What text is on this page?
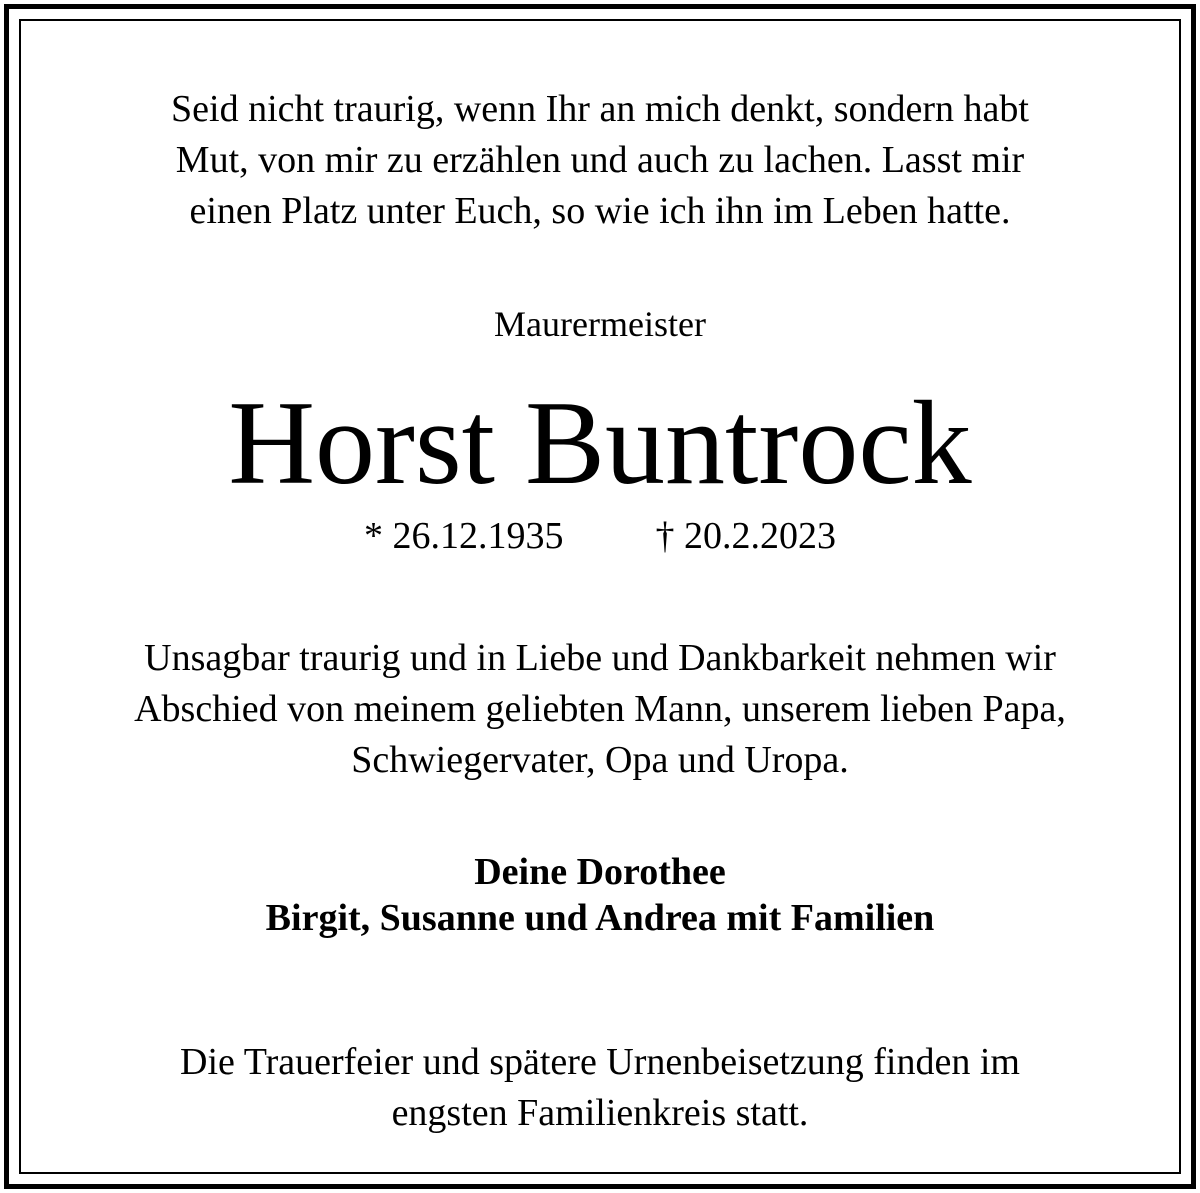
Seid nicht traurig, wenn Ihr an mich denkt, sondern habt
Mut, von mir zu erzählen und auch zu lachen. Lasst mir
einen Platz unter Euch, so wie ich ihn im Leben hatte.
Maurermeister
Horst Buntrock
* 26.12.1935 † 20.2.2023
Unsagbar traurig und in Liebe und Dankbarkeit nehmen wir
Abschied von meinem geliebten Mann, unserem lieben Papa,
Schwiegervater, Opa und Uropa.
Deine Dorothee
Birgit, Susanne und Andrea mit Familien
Die Trauerfeier und spätere Urnenbeisetzung finden im
engsten Familienkreis statt.
